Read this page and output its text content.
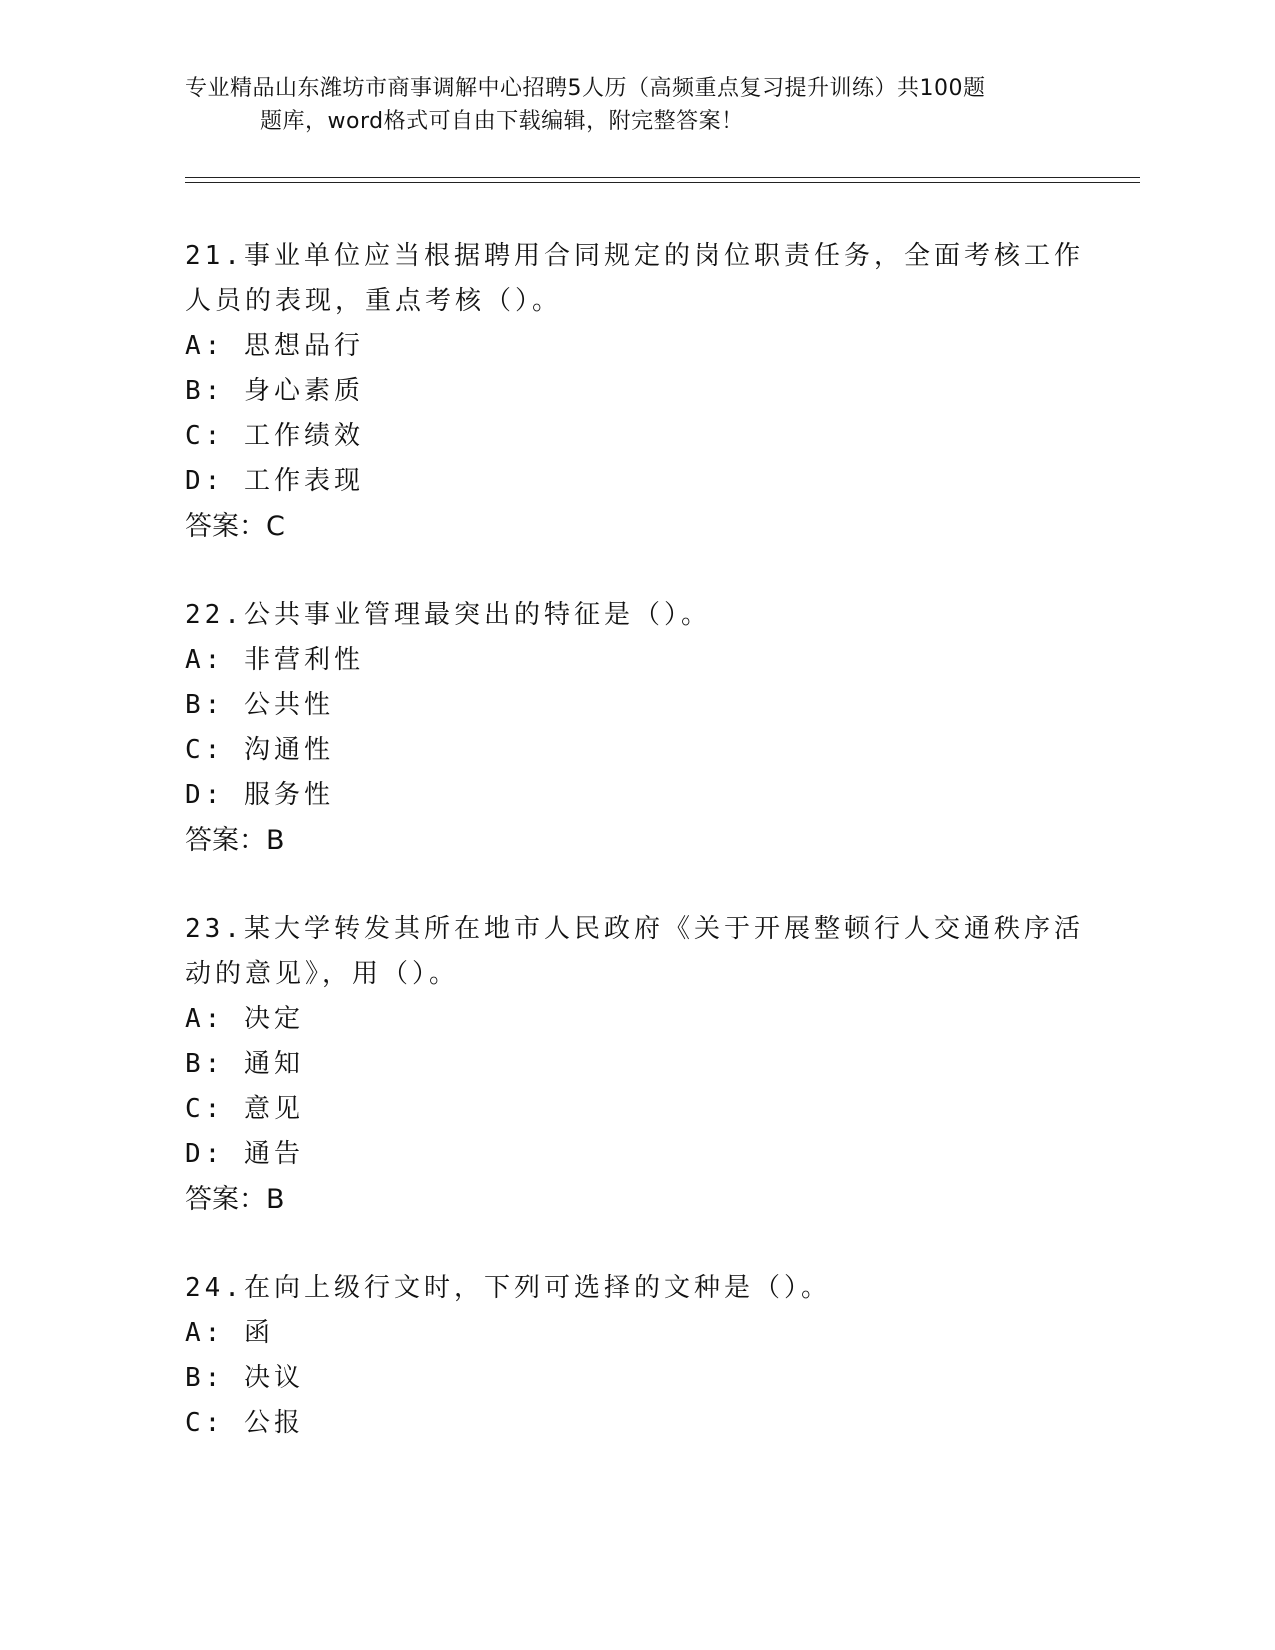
专业精品山东潍坊市商事调解中心招聘5人历（高频重点复习提升训练）共100题
题库，word格式可自由下载编辑，附完整答案！

21.事业单位应当根据聘用合同规定的岗位职责任务，全面考核工作人员的表现，重点考核（）。

A: 思想品行

B: 身心素质

C: 工作绩效

D: 工作表现

答案：C

22.公共事业管理最突出的特征是（）。

A: 非营利性

B: 公共性

C: 沟通性

D: 服务性

答案：B

23.某大学转发其所在地市人民政府《关于开展整顿行人交通秩序活动的意见》，用（）。

A: 决定

B: 通知

C: 意见

D: 通告

答案：B

24.在向上级行文时，下列可选择的文种是（）。

A: 函

B: 决议

C: 公报
